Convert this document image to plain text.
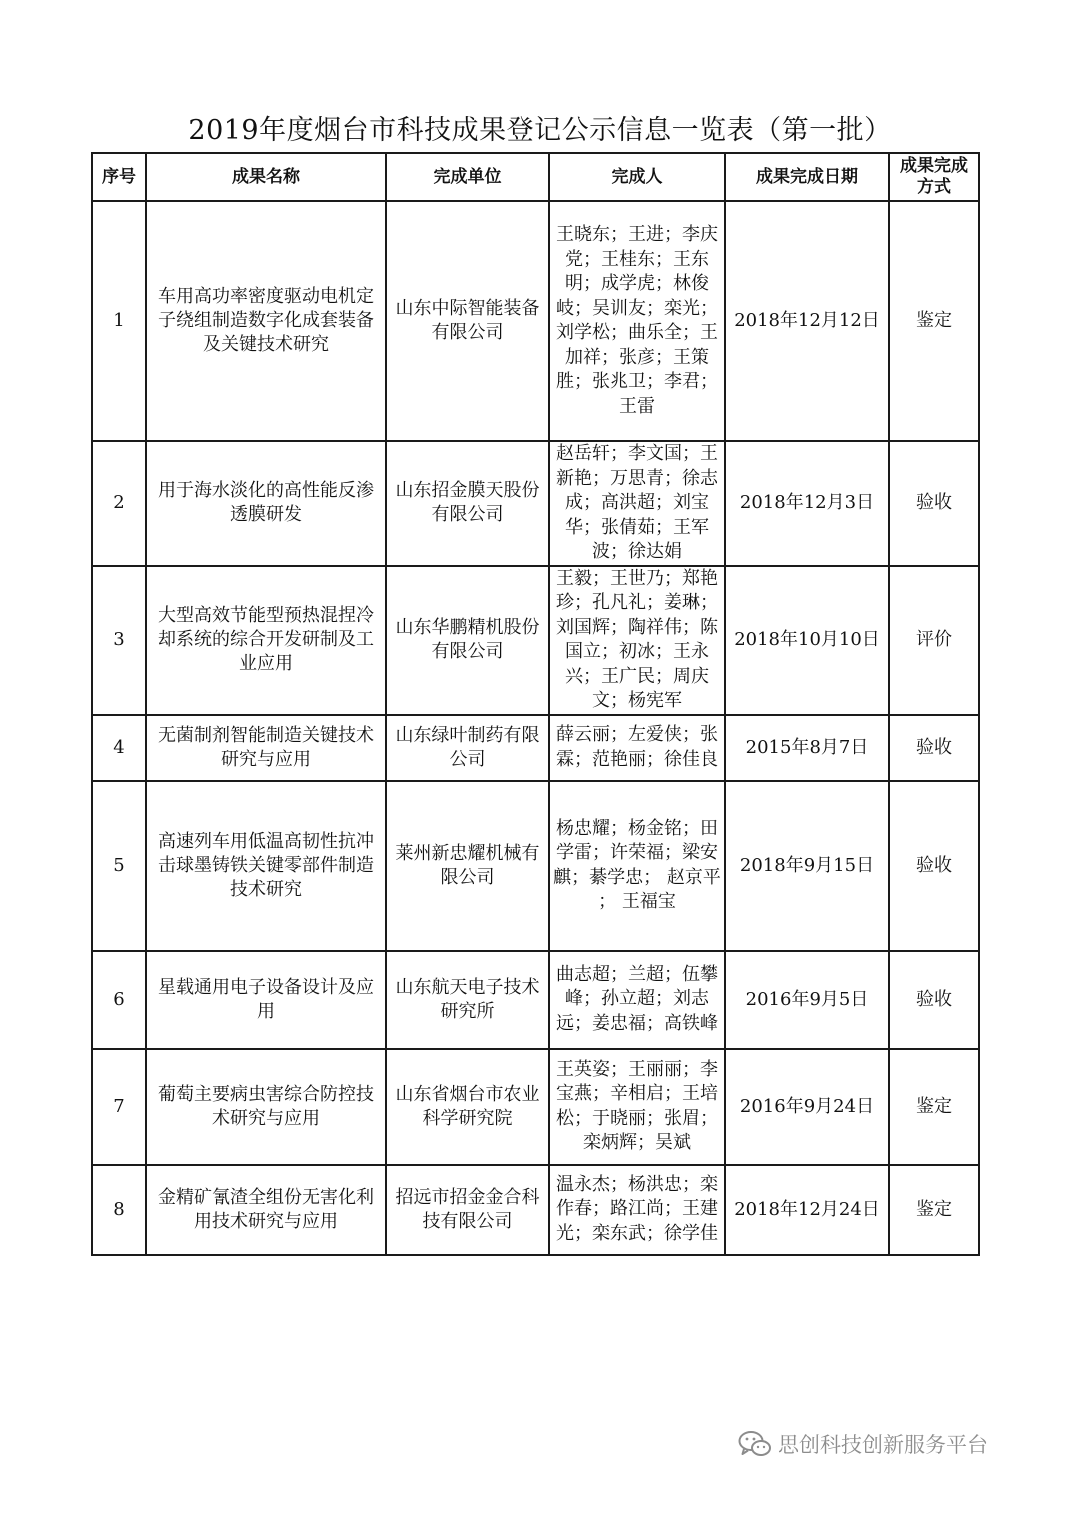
2019年度烟台市科技成果登记公示信息一览表（第一批）
序号	成果名称	完成单位	完成人	成果完成日期	成果完成方式
1	车用高功率密度驱动电机定子绕组制造数字化成套装备及关键技术研究	山东中际智能装备有限公司	王晓东；王进；李庆党；王桂东；王东明；成学虎；林俊岐；吴训友；栾光；刘学松；曲乐全；王加祥；张彦；王策胜；张兆卫；李君；王雷	2018年12月12日	鉴定
2	用于海水淡化的高性能反渗透膜研发	山东招金膜天股份有限公司	赵岳轩；李文国；王新艳；万思青；徐志成；高洪超；刘宝华；张倩茹；王军波；徐达娟	2018年12月3日	验收
3	大型高效节能型预热混捏冷却系统的综合开发研制及工业应用	山东华鹏精机股份有限公司	王毅；王世乃；郑艳珍；孔凡礼；姜琳；刘国辉；陶祥伟；陈国立；初冰；王永兴；王广民；周庆文；杨宪军	2018年10月10日	评价
4	无菌制剂智能制造关键技术研究与应用	山东绿叶制药有限公司	薛云丽；左爱侠；张霖；范艳丽；徐佳良	2015年8月7日	验收
5	高速列车用低温高韧性抗冲击球墨铸铁关键零部件制造技术研究	莱州新忠耀机械有限公司	杨忠耀；杨金铭；田学雷；许荣福；梁安麒；綦学忠； 赵京平 ； 王福宝	2018年9月15日	验收
6	星载通用电子设备设计及应用	山东航天电子技术研究所	曲志超；兰超；伍攀峰；孙立超；刘志远；姜忠福；高铁峰	2016年9月5日	验收
7	葡萄主要病虫害综合防控技术研究与应用	山东省烟台市农业科学研究院	王英姿；王丽丽；李宝燕；辛相启；王培松；于晓丽；张眉；栾炳辉；吴斌	2016年9月24日	鉴定
8	金精矿氰渣全组份无害化利用技术研究与应用	招远市招金金合科技有限公司	温永杰；杨洪忠；栾作春；路江尚；王建光；栾东武；徐学佳	2018年12月24日	鉴定
思创科技创新服务平台
